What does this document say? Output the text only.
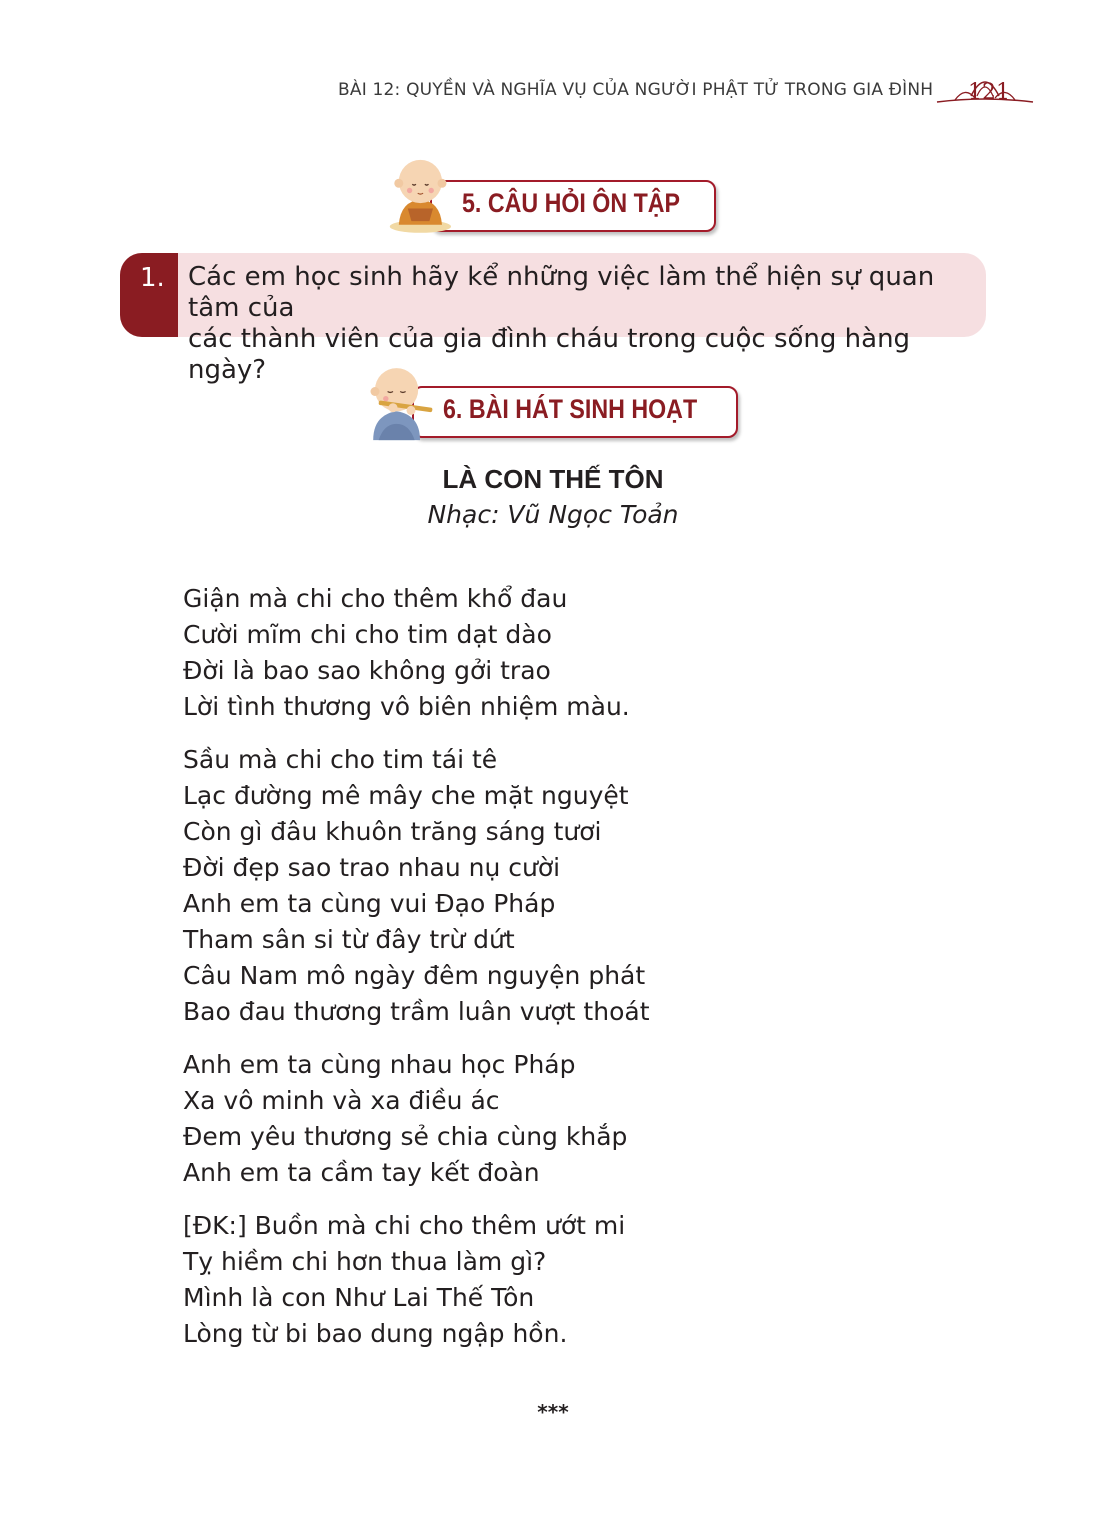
BÀI 12: QUYỀN VÀ NGHĨA VỤ CỦA NGƯỜI PHẬT TỬ TRONG GIA ĐÌNH 121
5. CÂU HỎI ÔN TẬP
1. Các em học sinh hãy kể những việc làm thể hiện sự quan tâm của
các thành viên của gia đình cháu trong cuộc sống hàng ngày?
6. BÀI HÁT SINH HOẠT
LÀ CON THẾ TÔN
Nhạc: Vũ Ngọc Toản
Giận mà chi cho thêm khổ đau
Cười mĩm chi cho tim dạt dào
Đời là bao sao không gởi trao
Lời tình thương vô biên nhiệm màu.
Sầu mà chi cho tim tái tê
Lạc đường mê mây che mặt nguyệt
Còn gì đâu khuôn trăng sáng tươi
Đời đẹp sao trao nhau nụ cười
Anh em ta cùng vui Đạo Pháp
Tham sân si từ đây trừ dứt
Câu Nam mô ngày đêm nguyện phát
Bao đau thương trầm luân vượt thoát
Anh em ta cùng nhau học Pháp
Xa vô minh và xa điều ác
Đem yêu thương sẻ chia cùng khắp
Anh em ta cầm tay kết đoàn
[ĐK:] Buồn mà chi cho thêm ướt mi
Tỵ hiềm chi hơn thua làm gì?
Mình là con Như Lai Thế Tôn
Lòng từ bi bao dung ngập hồn.
***
